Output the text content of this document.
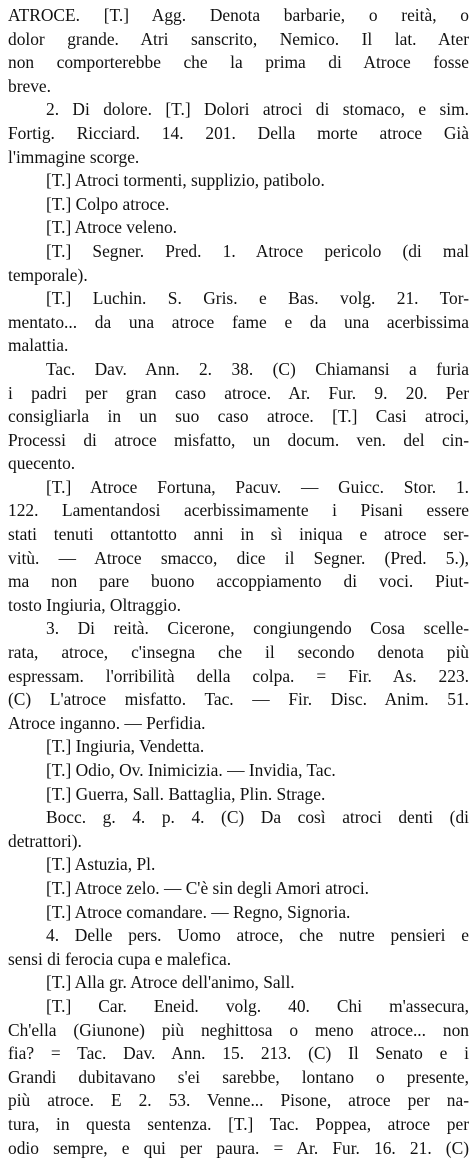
ATROCE. [T.] Agg. Denota barbarie, o reità, o
dolor grande. Atri sanscrito, Nemico. Il lat. Ater
non comporterebbe che la prima di Atroce fosse
breve.
2. Di dolore. [T.] Dolori atroci di stomaco, e sim.
Fortig. Ricciard. 14. 201. Della morte atroce Già
l'immagine scorge.
[T.] Atroci tormenti, supplizio, patibolo.
[T.] Colpo atroce.
[T.] Atroce veleno.
[T.] Segner. Pred. 1. Atroce pericolo (di mal
temporale).
[T.] Luchin. S. Gris. e Bas. volg. 21. Tor-
mentato... da una atroce fame e da una acerbissima
malattia.
Tac. Dav. Ann. 2. 38. (C) Chiamansi a furia
i padri per gran caso atroce. Ar. Fur. 9. 20. Per
consigliarla in un suo caso atroce. [T.] Casi atroci,
Processi di atroce misfatto, un docum. ven. del cin-
quecento.
[T.] Atroce Fortuna, Pacuv. — Guicc. Stor. 1.
122. Lamentandosi acerbissimamente i Pisani essere
stati tenuti ottantotto anni in sì iniqua e atroce ser-
vitù. — Atroce smacco, dice il Segner. (Pred. 5.),
ma non pare buono accoppiamento di voci. Piut-
tosto Ingiuria, Oltraggio.
3. Di reità. Cicerone, congiungendo Cosa scelle-
rata, atroce, c'insegna che il secondo denota più
espressam. l'orribilità della colpa. = Fir. As. 223.
(C) L'atroce misfatto. Tac. — Fir. Disc. Anim. 51.
Atroce inganno. — Perfidia.
[T.] Ingiuria, Vendetta.
[T.] Odio, Ov. Inimicizia. — Invidia, Tac.
[T.] Guerra, Sall. Battaglia, Plin. Strage.
Bocc. g. 4. p. 4. (C) Da così atroci denti (di
detrattori).
[T.] Astuzia, Pl.
[T.] Atroce zelo. — C'è sin degli Amori atroci.
[T.] Atroce comandare. — Regno, Signoria.
4. Delle pers. Uomo atroce, che nutre pensieri e
sensi di ferocia cupa e malefica.
[T.] Alla gr. Atroce dell'animo, Sall.
[T.] Car. Eneid. volg. 40. Chi m'assecura,
Ch'ella (Giunone) più neghittosa o meno atroce... non
fia? = Tac. Dav. Ann. 15. 213. (C) Il Senato e i
Grandi dubitavano s'ei sarebbe, lontano o presente,
più atroce. E 2. 53. Venne... Pisone, atroce per na-
tura, in questa sentenza. [T.] Tac. Poppea, atroce per
odio sempre, e qui per paura. = Ar. Fur. 16. 21. (C)
